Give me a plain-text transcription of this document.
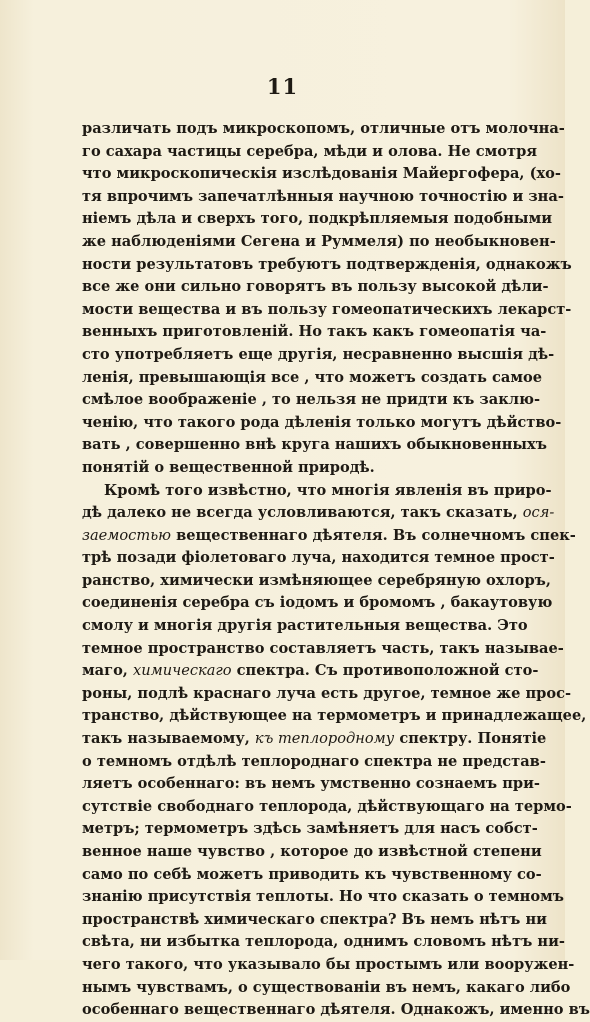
11
различать подъ микроскопомъ, отличные отъ молочна-
го сахара частицы серебра, мѣди и олова. Не смотря
что микроскопическія изслѣдованія Майергофера, (хо-
тя впрочимъ запечатлѣнныя научною точностію и зна-
ніемъ дѣла и сверхъ того, подкрѣпляемыя подобными
же наблюденіями Сегена и Руммеля) по необыкновен-
ности результатовъ требуютъ подтвержденія, однакожъ
все же они сильно говорятъ въ пользу высокой дѣли-
мости вещества и въ пользу гомеопатическихъ лекарст-
венныхъ приготовленій. Но такъ какъ гомеопатія ча-
сто употребляетъ еще другія, несравненно высшія дѣ-
ленія, превышающія все , что можетъ создать самое
смѣлое воображеніе , то нельзя не придти къ заклю-
ченію, что такого рода дѣленія только могутъ дѣйство-
вать , совершенно внѣ круга нашихъ обыкновенныхъ
понятій о вещественной природѣ.
Кромѣ того извѣстно, что многія явленія въ приро-
дѣ далеко не всегда условливаются, такъ сказать, ося-
заемостью вещественнаго дѣятеля. Въ солнечномъ спек-
трѣ позади фіолетоваго луча, находится темное прост-
ранство, химически измѣняющее серебряную охлоръ,
соединенія серебра съ іодомъ и бромомъ , бакаутовую
смолу и многія другія растительныя вещества. Это
темное пространство составляетъ часть, такъ называе-
маго, химическаго спектра. Съ противоположной сто-
роны, подлѣ краснаго луча есть другое, темное же прос-
транство, дѣйствующее на термометръ и принадлежащее,
такъ называемому, къ теплородному спектру. Понятіе
о темномъ отдѣлѣ теплороднаго спектра не представ-
ляетъ особеннаго: въ немъ умственно сознаемъ при-
сутствіе свободнаго теплорода, дѣйствующаго на термо-
метръ; термометръ здѣсь замѣняетъ для насъ собст-
венное наше чувство , которое до извѣстной степени
само по себѣ можетъ приводить къ чувственному со-
знанію присутствія теплоты. Но что сказать о темномъ
пространствѣ химическаго спектра? Въ немъ нѣтъ ни
свѣта, ни избытка теплорода, однимъ словомъ нѣтъ ни-
чего такого, что указывало бы простымъ или вооружен-
нымъ чувствамъ, о существованіи въ немъ, какаго либо
особеннаго вещественнаго дѣятеля. Однакожъ, именно въ
